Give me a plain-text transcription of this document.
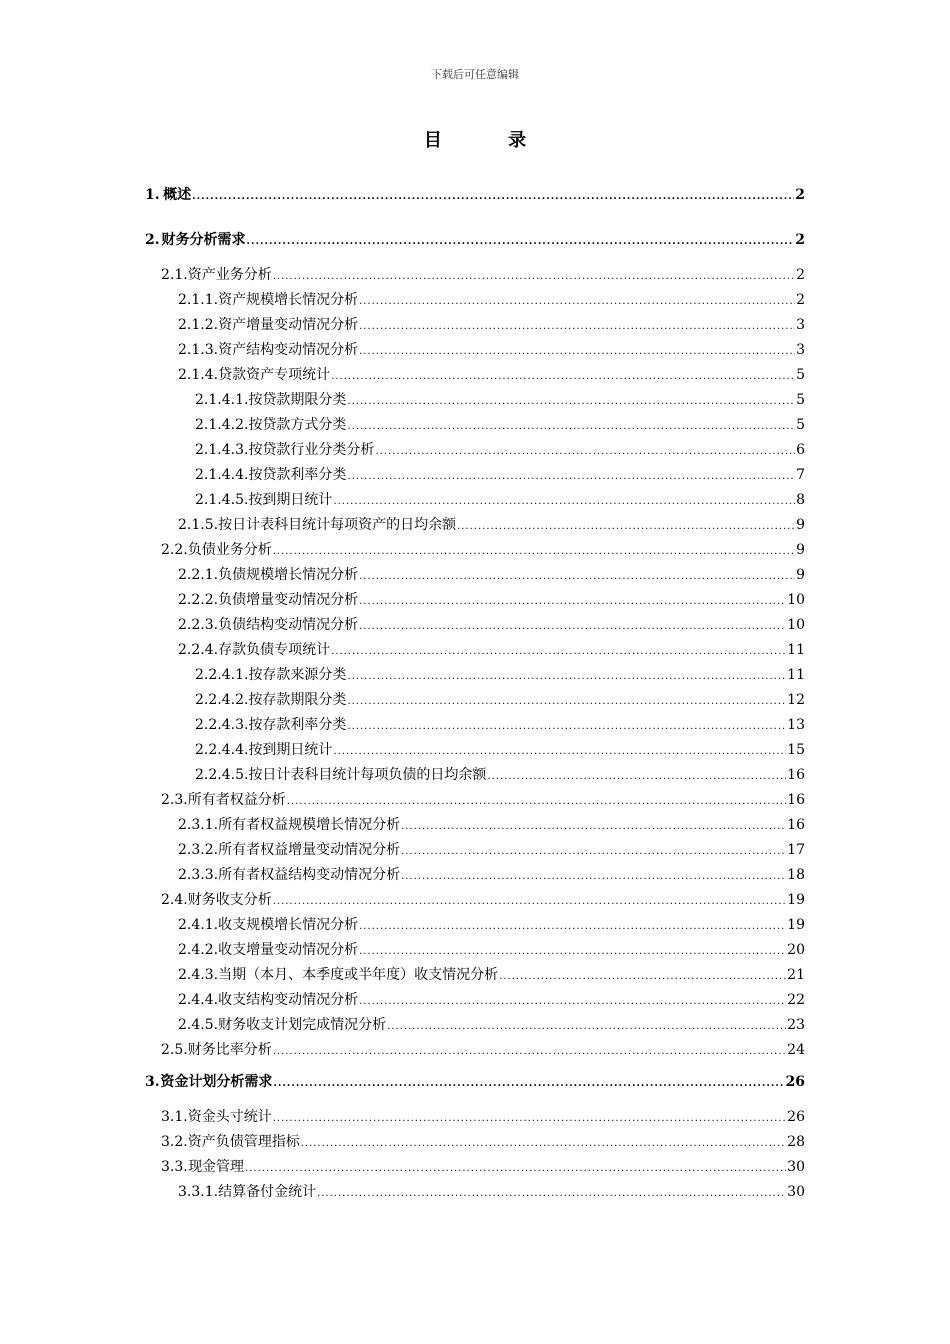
下载后可任意编辑
目 录
1. 概述 .....	2
2. 财务分析需求 .....	2
2.1. 资产业务分析 .....	2
2.1.1. 资产规模增长情况分析 .....	2
2.1.2. 资产增量变动情况分析 .....	3
2.1.3. 资产结构变动情况分析 .....	3
2.1.4. 贷款资产专项统计 .....	5
2.1.4.1. 按贷款期限分类 .....	5
2.1.4.2. 按贷款方式分类 .....	5
2.1.4.3. 按贷款行业分类分析 .....	6
2.1.4.4. 按贷款利率分类 .....	7
2.1.4.5. 按到期日统计 .....	8
2.1.5. 按日计表科目统计每项资产的日均余额 .....	9
2.2. 负债业务分析 .....	9
2.2.1. 负债规模增长情况分析 .....	9
2.2.2. 负债增量变动情况分析 .....	10
2.2.3. 负债结构变动情况分析 .....	10
2.2.4. 存款负债专项统计 .....	11
2.2.4.1. 按存款来源分类 .....	11
2.2.4.2. 按存款期限分类 .....	12
2.2.4.3. 按存款利率分类 .....	13
2.2.4.4. 按到期日统计 .....	15
2.2.4.5. 按日计表科目统计每项负债的日均余额 .....	16
2.3. 所有者权益分析 .....	16
2.3.1. 所有者权益规模增长情况分析 .....	16
2.3.2. 所有者权益增量变动情况分析 .....	17
2.3.3. 所有者权益结构变动情况分析 .....	18
2.4. 财务收支分析 .....	19
2.4.1. 收支规模增长情况分析 .....	19
2.4.2. 收支增量变动情况分析 .....	20
2.4.3. 当期（本月、本季度或半年度）收支情况分析 .....	21
2.4.4. 收支结构变动情况分析 .....	22
2.4.5. 财务收支计划完成情况分析 .....	23
2.5. 财务比率分析 .....	24
3. 资金计划分析需求 .....	26
3.1. 资金头寸统计 .....	26
3.2. 资产负债管理指标 .....	28
3.3. 现金管理 .....	30
3.3.1. 结算备付金统计 .....	30
